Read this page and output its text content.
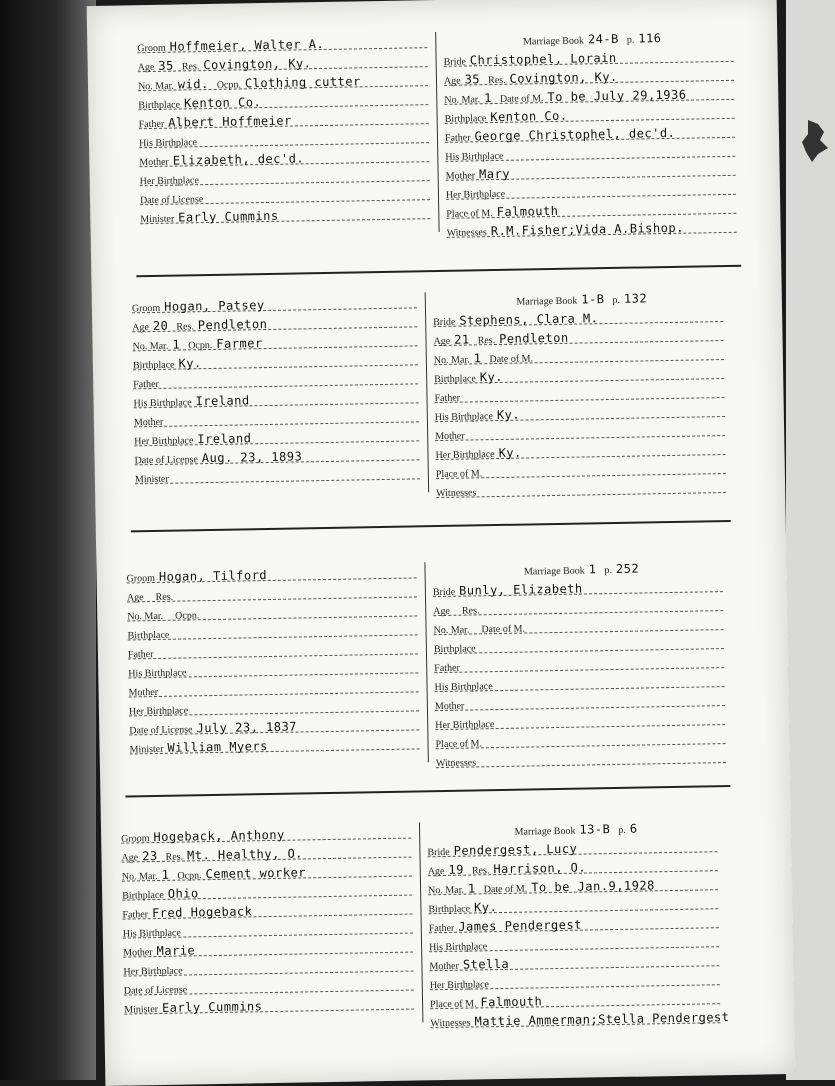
Groom Hoffmeier, Walter A.
Age 35 Res. Covington, Ky.
No. Mar. wid. Ocpn. Clothing cutter
Birthplace Kenton Co.
Father Albert Hoffmeier
His Birthplace
Mother Elizabeth, dec'd.
Her Birthplace
Date of License
Minister Early Cummins
Marriage Book 24-B p. 116
Bride Christophel, Lorain
Age 35 Res. Covington, Ky.
No. Mar. 1 Date of M. To be July 29,1936
Birthplace Kenton Co.
Father George Christophel, dec'd.
His Birthplace
Mother Mary
Her Birthplace
Place of M. Falmouth
Witnesses R.M.Fisher;Vida A.Bishop.
Groom Hogan, Patsey
Age 20 Res. Pendleton
No. Mar. 1 Ocpn. Farmer
Birthplace Ky.
Father
His Birthplace Ireland
Mother
Her Birthplace Ireland
Date of License Aug. 23, 1893
Minister
Marriage Book 1-B p. 132
Bride Stephens, Clara M.
Age 21 Res. Pendleton
No. Mar. 1 Date of M.
Birthplace Ky.
Father
His Birthplace Ky.
Mother
Her Birthplace Ky.
Place of M.
Witnesses
Groom Hogan, Tilford
Age Res.
No. Mar. Ocpn.
Birthplace
Father
His Birthplace
Mother
Her Birthplace
Date of License July 23, 1837
Minister William Myers
Marriage Book 1 p. 252
Bride Bunly, Elizabeth
Age Res.
No. Mar. Date of M.
Birthplace
Father
His Birthplace
Mother
Her Birthplace
Place of M.
Witnesses
Groom Hogeback, Anthony
Age 23 Res. Mt. Healthy, O.
No. Mar. 1 Ocpn. Cement worker
Birthplace Ohio
Father Fred Hogeback
His Birthplace
Mother Marie
Her Birthplace
Date of License
Minister Early Cummins
Marriage Book 13-B p. 6
Bride Pendergest, Lucy
Age 19 Res. Harrison, O.
No. Mar. 1 Date of M. To be Jan.9,1928
Birthplace Ky.
Father James Pendergest
His Birthplace
Mother Stella
Her Birthplace
Place of M. Falmouth
Witnesses Mattie Ammerman;Stella Pendergest
